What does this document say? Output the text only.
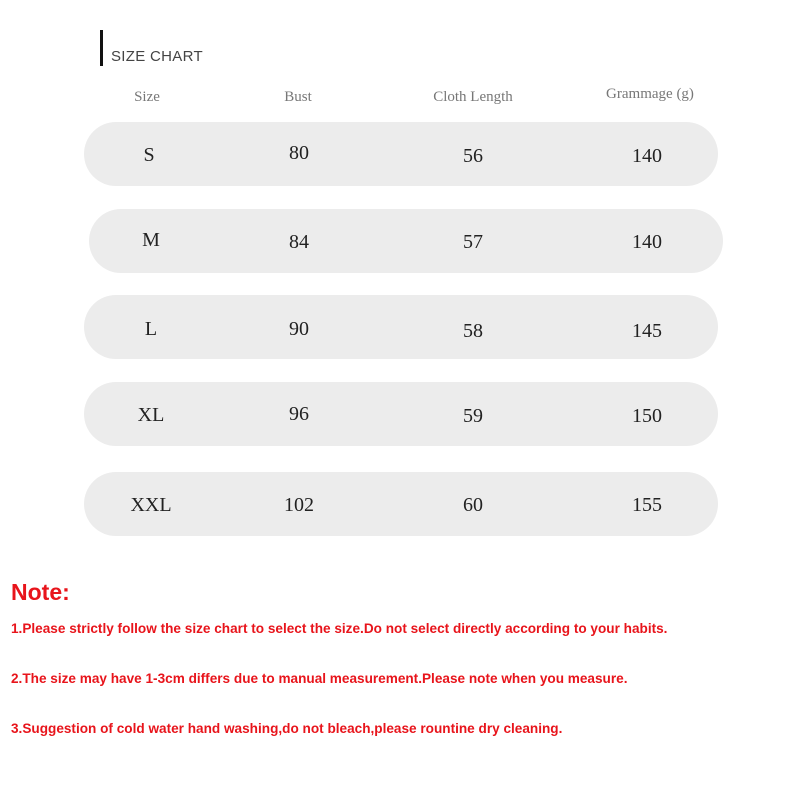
SIZE CHART
Size	Bust	Cloth Length	Grammage (g)
S	80	56	140
M	84	57	140
L	90	58	145
XL	96	59	150
XXL	102	60	155
Note:
1.Please strictly follow the size chart to select the size.Do not select directly according to your habits.
2.The size may have 1-3cm differs due to manual measurement.Please note when you measure.
3.Suggestion of cold water hand washing,do not bleach,please rountine dry cleaning.
